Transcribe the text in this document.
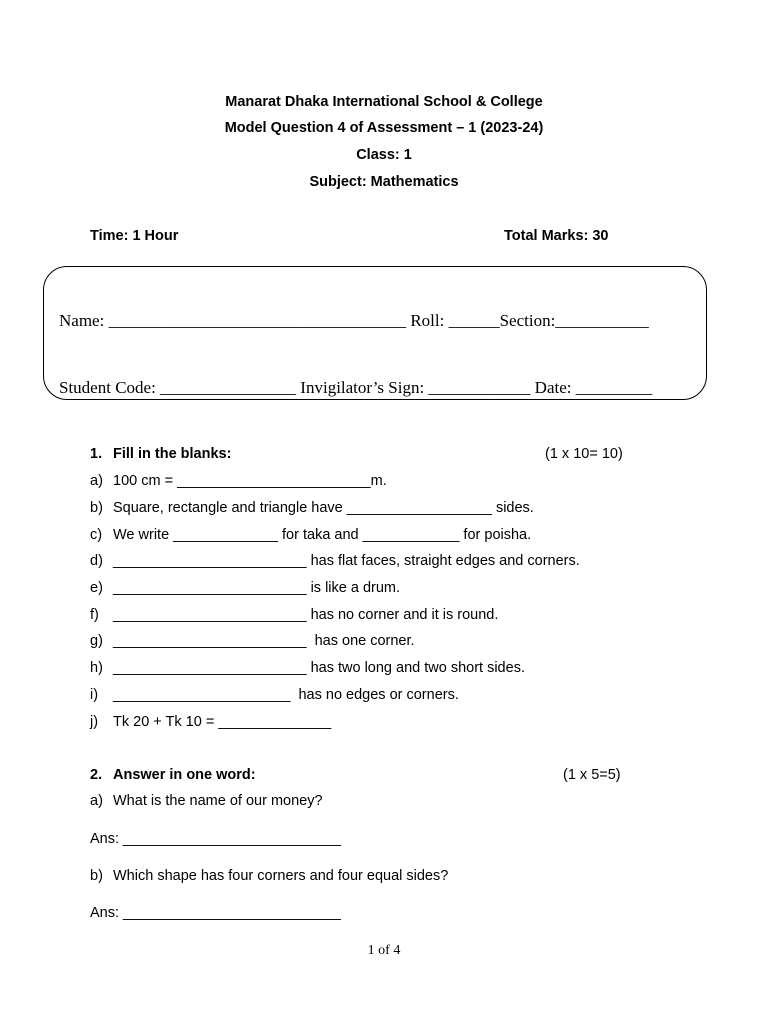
Manarat Dhaka International School & College
Model Question 4 of Assessment – 1 (2023-24)
Class: 1
Subject: Mathematics
Time: 1 Hour	Total Marks: 30
Name: ___________________________________ Roll: ______Section:___________
Student Code: ________________ Invigilator’s Sign: ____________ Date: _________
1. Fill in the blanks:	(1 x 10= 10)
a) 100 cm = ________________________m.
b) Square, rectangle and triangle have __________________ sides.
c) We write _____________ for taka and ____________ for poisha.
d) ________________________ has flat faces, straight edges and corners.
e) ________________________ is like a drum.
f) ________________________ has no corner and it is round.
g) ________________________  has one corner.
h) ________________________ has two long and two short sides.
i) ______________________  has no edges or corners.
j) Tk 20 + Tk 10 = ______________
2. Answer in one word:	(1 x 5=5)
a) What is the name of our money?
Ans: ___________________________
b) Which shape has four corners and four equal sides?
Ans: ___________________________
1 of 4
